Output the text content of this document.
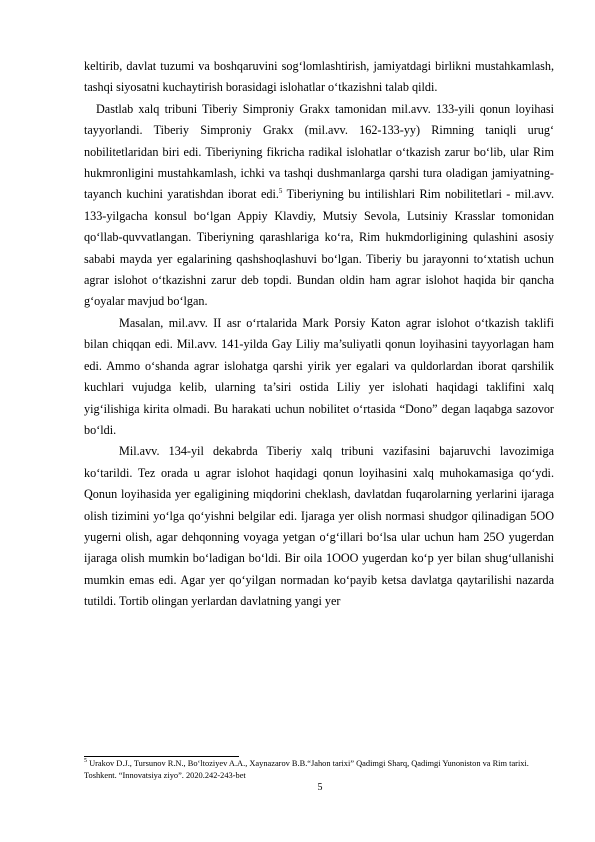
keltirib, davlat tuzumi va boshqaruvini sog‘lomlashtirish, jamiyatdagi birlikni mustahkamlash, tashqi siyosatni kuchaytirish borasidagi islohatlar o‘tkazishni talab qildi.

Dastlab xalq tribuni Tiberiy Simproniy Grakx tamonidan mil.avv. 133-yili qonun loyihasi tayyorlandi. Tiberiy Simproniy Grakx (mil.avv. 162-133-yy) Rimning taniqli urug‘ nobilitetlaridan biri edi. Tiberiyning fikricha radikal islohatlar o‘tkazish zarur bo‘lib, ular Rim hukmronligini mustahkamlash, ichki va tashqi dushmanlarga qarshi tura oladigan jamiyatning-tayanch kuchini yaratishdan iborat edi.$^5$ Tiberiyning bu intilishlari Rim nobilitetlari - mil.avv. 133-yilgacha konsul bo‘lgan Appiy Klavdiy, Mutsiy Sevola, Lutsiniy Krasslar tomonidan qo‘llab-quvvatlangan. Tiberiyning qarashlariga ko‘ra, Rim hukmdorligining qulashini asosiy sababi mayda yer egalarining qashshoqlashuvi bo‘lgan. Tiberiy bu jarayonni to‘xtatish uchun agrar islohot o‘tkazishni zarur deb topdi. Bundan oldin ham agrar islohot haqida bir qancha g‘oyalar mavjud bo‘lgan.

Masalan, mil.avv. II asr o‘rtalarida Mark Porsiy Katon agrar islohot o‘tkazish taklifi bilan chiqqan edi. Mil.avv. 141-yilda Gay Liliy ma’suliyatli qonun loyihasini tayyorlagan ham edi. Ammo o‘shanda agrar islohatga qarshi yirik yer egalari va quldorlardan iborat qarshilik kuchlari vujudga kelib, ularning ta’siri ostida Liliy yer islohati haqidagi taklifini xalq yig‘ilishiga kirita olmadi. Bu harakati uchun nobilitet o‘rtasida “Dono” degan laqabga sazovor bo‘ldi.

Mil.avv. 134-yil dekabrda Tiberiy xalq tribuni vazifasini bajaruvchi lavozimiga ko‘tarildi. Tez orada u agrar islohot haqidagi qonun loyihasini xalq muhokamasiga qo‘ydi. Qonun loyihasida yer egaligining miqdorini cheklash, davlatdan fuqarolarning yerlarini ijaraga olish tizimini yo‘lga qo‘yishni belgilar edi. Ijaraga yer olish normasi shudgor qilinadigan 5OO yugerni olish, agar dehqonning voyaga yetgan o‘g‘illari bo‘lsa ular uchun ham 25O yugerdan ijaraga olish mumkin bo‘ladigan bo‘ldi. Bir oila 1OOO yugerdan ko‘p yer bilan shug‘ullanishi mumkin emas edi. Agar yer qo‘yilgan normadan ko‘payib ketsa davlatga qaytarilishi nazarda tutildi. Tortib olingan yerlardan davlatning yangi yer

$^5$ Urakov D.J., Tursunov R.N., Bo‘ltoziyev A.A., Xaynazarov B.B.“Jahon tarixi” Qadimgi Sharq, Qadimgi Yunoniston va Rim tarixi. Toshkent. “Innovatsiya ziyo”. 2020.242-243-bet
5
